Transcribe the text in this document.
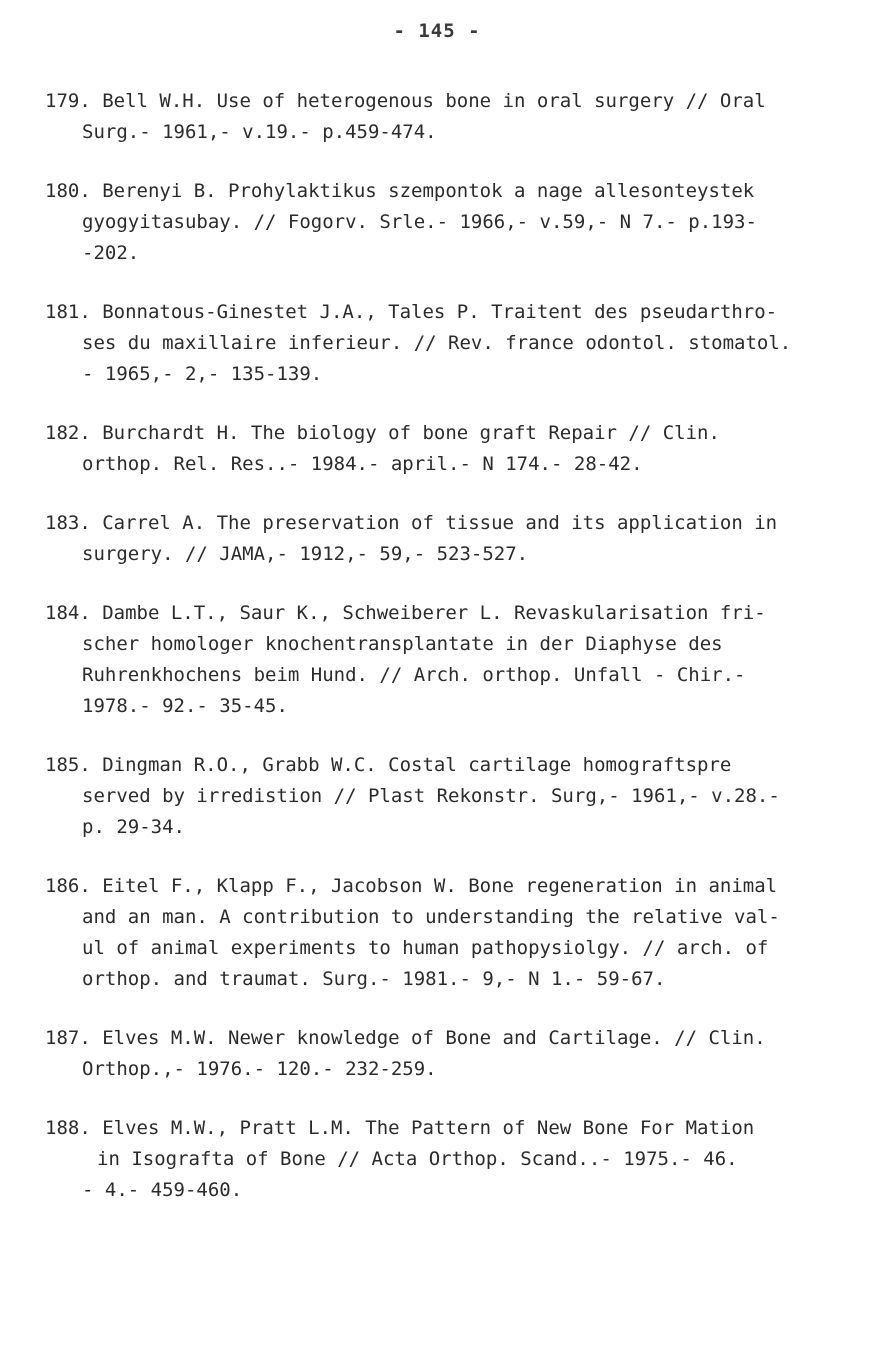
- 145 -
179. Bell W.H. Use of heterogenous bone in oral surgery // Oral
Surg.- 1961,- v.19.- p.459-474.
180. Berenyi B. Prohylaktikus szempontok a nage allesonteystek
gyogyitasubay. // Fogorv. Srle.- 1966,- v.59,- N 7.- p.193-
-202.
181. Bonnatous-Ginestet J.A., Tales P. Traitent des pseudarthro-
ses du maxillaire inferieur. // Rev. france odontol. stomatol.
- 1965,- 2,- 135-139.
182. Burchardt H. The biology of bone graft Repair // Clin.
orthop. Rel. Res..- 1984.- april.- N 174.- 28-42.
183. Carrel A. The preservation of tissue and its application in
surgery. // JAMA,- 1912,- 59,- 523-527.
184. Dambe L.T., Saur K., Schweiberer L. Revaskularisation fri-
scher homologer knochentransplantate in der Diaphyse des
Ruhrenkhochens beim Hund. // Arch. orthop. Unfall - Chir.-
1978.- 92.- 35-45.
185. Dingman R.O., Grabb W.C. Costal cartilage homograftspre
served by irredistion // Plast Rekonstr. Surg,- 1961,- v.28.-
p. 29-34.
186. Eitel F., Klapp F., Jacobson W. Bone regeneration in animal
and an man. A contribution to understanding the relative val-
ul of animal experiments to human pathopysiolgy. // arch. of
orthop. and traumat. Surg.- 1981.- 9,- N 1.- 59-67.
187. Elves M.W. Newer knowledge of Bone and Cartilage. // Clin.
Orthop.,- 1976.- 120.- 232-259.
188. Elves M.W., Pratt L.M. The Pattern of New Bone For Mation
in Isografta of Bone // Acta Orthop. Scand..- 1975.- 46.
- 4.- 459-460.
